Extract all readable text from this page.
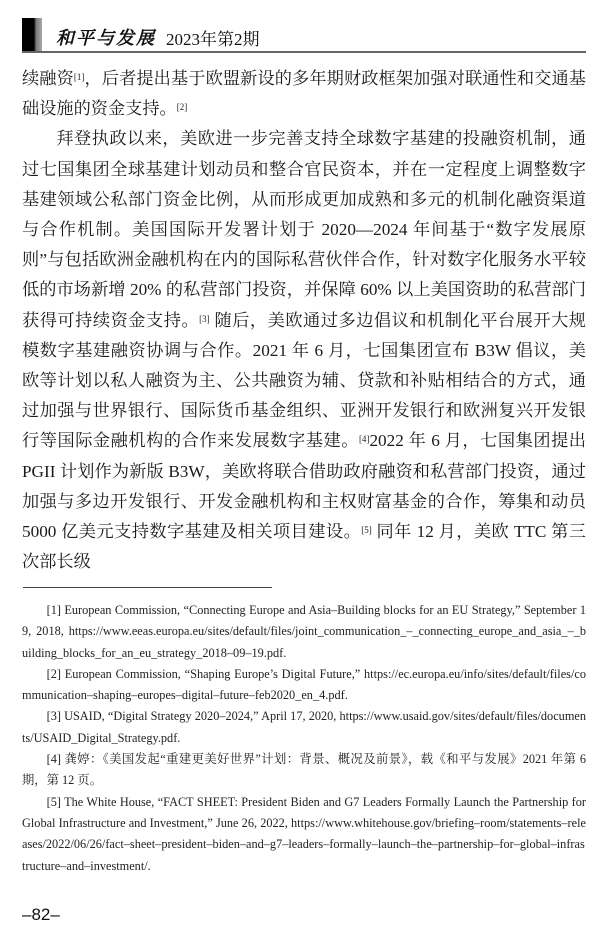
和平与发展 2023年第2期

续融资[1]，后者提出基于欧盟新设的多年期财政框架加强对联通性和交通基础设施的资金支持。[2]

拜登执政以来，美欧进一步完善支持全球数字基建的投融资机制，通过七国集团全球基建计划动员和整合官民资本，并在一定程度上调整数字基建领域公私部门资金比例，从而形成更加成熟和多元的机制化融资渠道与合作机制。美国国际开发署计划于 2020—2024 年间基于“数字发展原则”与包括欧洲金融机构在内的国际私营伙伴合作，针对数字化服务水平较低的市场新增 20% 的私营部门投资，并保障 60% 以上美国资助的私营部门获得可持续资金支持。[3] 随后，美欧通过多边倡议和机制化平台展开大规模数字基建融资协调与合作。2021 年 6 月，七国集团宣布 B3W 倡议，美欧等计划以私人融资为主、公共融资为辅、贷款和补贴相结合的方式，通过加强与世界银行、国际货币基金组织、亚洲开发银行和欧洲复兴开发银行等国际金融机构的合作来发展数字基建。[4]2022 年 6 月，七国集团提出 PGII 计划作为新版 B3W，美欧将联合借助政府融资和私营部门投资，通过加强与多边开发银行、开发金融机构和主权财富基金的合作，筹集和动员 5000 亿美元支持数字基建及相关项目建设。[5] 同年 12 月，美欧 TTC 第三次部长级

[1] European Commission, “Connecting Europe and Asia–Building blocks for an EU Strategy,” September 19, 2018, https://www.eeas.europa.eu/sites/default/files/joint_communication_–_connecting_europe_and_asia_–_building_blocks_for_an_eu_strategy_2018–09–19.pdf.

[2] European Commission, “Shaping Europe’s Digital Future,” https://ec.europa.eu/info/sites/default/files/communication–shaping–europes–digital–future–feb2020_en_4.pdf.

[3] USAID, “Digital Strategy 2020–2024,” April 17, 2020, https://www.usaid.gov/sites/default/files/documents/USAID_Digital_Strategy.pdf.

[4] 龚婷：《美国发起“重建更美好世界”计划：背景、概况及前景》，载《和平与发展》2021 年第 6 期，第 12 页。

[5] The White House, “FACT SHEET: President Biden and G7 Leaders Formally Launch the Partnership for Global Infrastructure and Investment,” June 26, 2022, https://www.whitehouse.gov/briefing–room/statements–releases/2022/06/26/fact–sheet–president–biden–and–g7–leaders–formally–launch–the–partnership–for–global–infrastructure–and–investment/.

–82–
